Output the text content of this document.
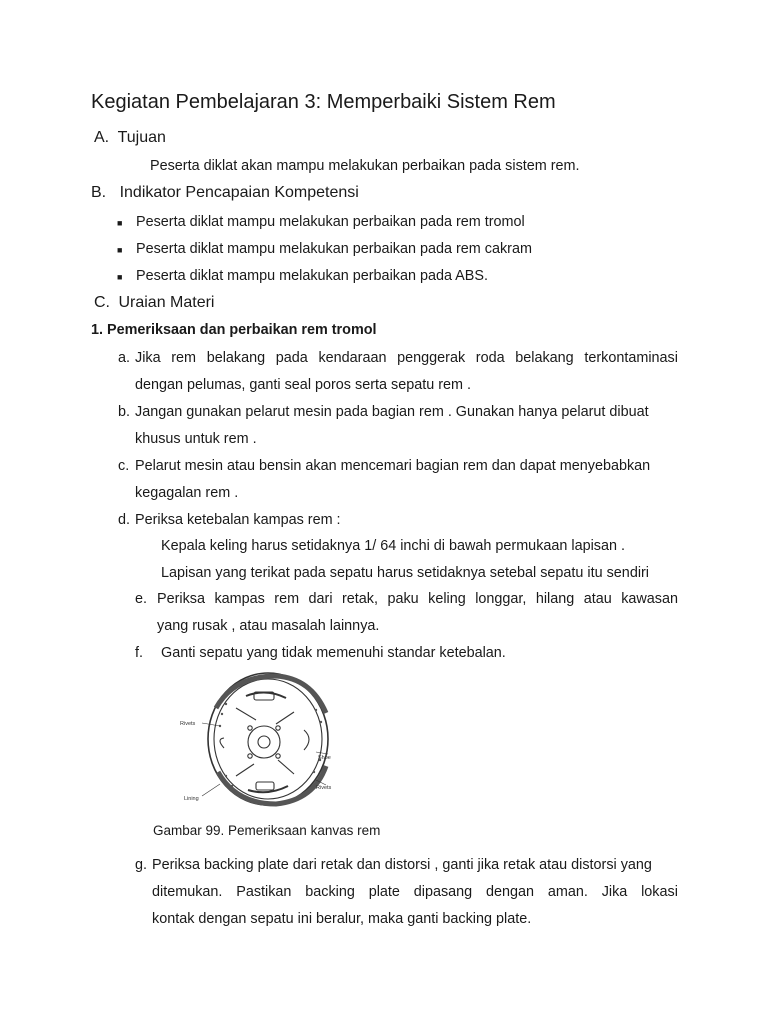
Kegiatan Pembelajaran 3: Memperbaiki Sistem Rem
A. Tujuan
Peserta diklat akan mampu melakukan perbaikan pada sistem rem.
B. Indikator Pencapaian Kompetensi
■ Peserta diklat mampu melakukan perbaikan pada rem tromol
■ Peserta diklat mampu melakukan perbaikan pada rem cakram
■ Peserta diklat mampu melakukan perbaikan pada ABS.
C. Uraian Materi
1. Pemeriksaan dan perbaikan rem tromol
a. Jika rem belakang pada kendaraan penggerak roda belakang terkontaminasi
dengan pelumas, ganti seal poros serta sepatu rem .
b. Jangan gunakan pelarut mesin pada bagian rem . Gunakan hanya pelarut dibuat
khusus untuk rem .
c. Pelarut mesin atau bensin akan mencemari bagian rem dan dapat menyebabkan
kegagalan rem .
d. Periksa ketebalan kampas rem :
Kepala keling harus setidaknya 1/ 64 inchi di bawah permukaan lapisan .
Lapisan yang terikat pada sepatu harus setidaknya setebal sepatu itu sendiri
e. Periksa kampas rem dari retak, paku keling longgar, hilang atau kawasan
yang rusak , atau masalah lainnya.
f. Ganti sepatu yang tidak memenuhi standar ketebalan.
Rivets
Shoe
Rivets
Lining
Gambar 99. Pemeriksaan kanvas rem
g. Periksa backing plate dari retak dan distorsi , ganti jika retak atau distorsi yang
ditemukan. Pastikan backing plate dipasang dengan aman. Jika lokasi
kontak dengan sepatu ini beralur, maka ganti backing plate.
